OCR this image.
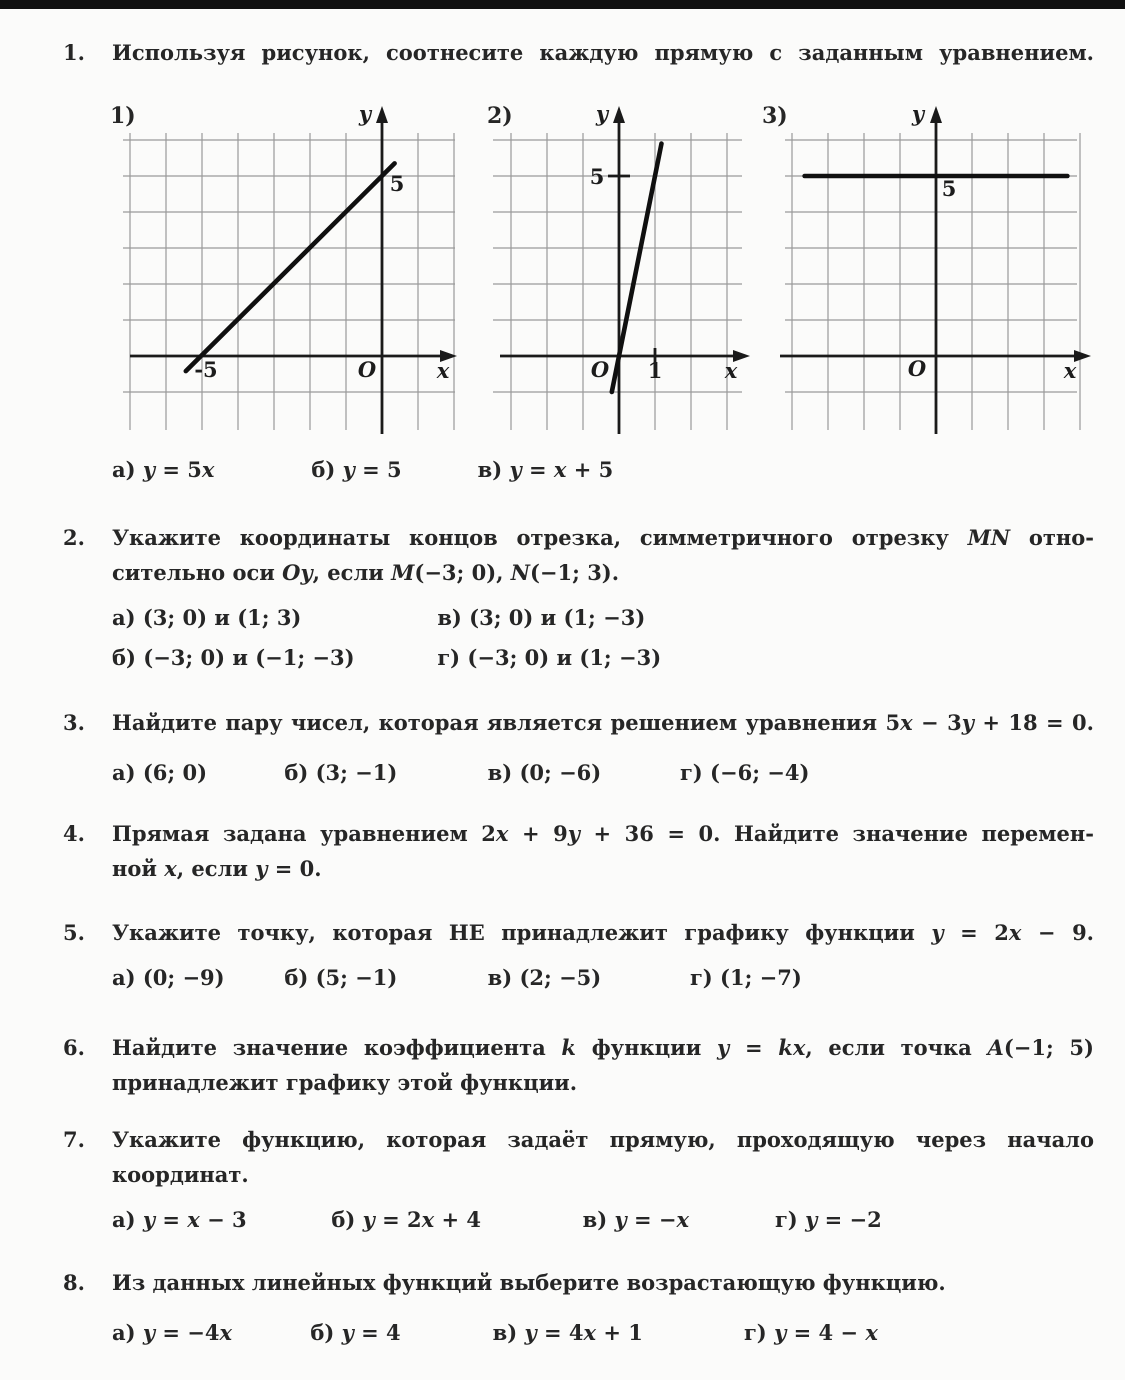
1.	Используя рисунок, соотнесите каждую прямую с заданным уравнением.
1)	2)	3)
y
x
O
5
-5
y
x
O
5
1
y
x
O
5
а) y = 5x	б) y = 5	в) y = x + 5
2.	Укажите координаты концов отрезка, симметричного отрезку MN отно-
сительно оси Oy, если M(−3; 0), N(−1; 3).
а) (3; 0) и (1; 3)	в) (3; 0) и (1; −3)
б) (−3; 0) и (−1; −3)	г) (−3; 0) и (1; −3)
3.	Найдите пару чисел, которая является решением уравнения 5x − 3y + 18 = 0.
а) (6; 0)	б) (3; −1)	в) (0; −6)	г) (−6; −4)
4.	Прямая задана уравнением 2x + 9y + 36 = 0. Найдите значение перемен-
ной x, если y = 0.
5.	Укажите точку, которая НЕ принадлежит графику функции y = 2x − 9.
а) (0; −9)	б) (5; −1)	в) (2; −5)	г) (1; −7)
6.	Найдите значение коэффициента k функции y = kx, если точка A(−1; 5)
принадлежит графику этой функции.
7.	Укажите функцию, которая задаёт прямую, проходящую через начало
координат.
а) y = x − 3	б) y = 2x + 4	в) y = −x	г) y = −2
8.	Из данных линейных функций выберите возрастающую функцию.
а) y = −4x	б) y = 4	в) y = 4x + 1	г) y = 4 − x
